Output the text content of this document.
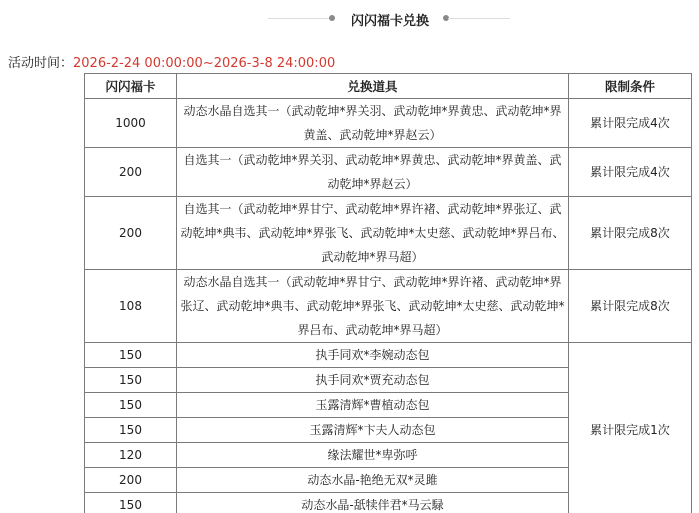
闪闪福卡兑换
活动时间：2026-2-24 00:00:00~2026-3-8 24:00:00
闪闪福卡	兑换道具	限制条件
1000	动态水晶自选其一（武动乾坤*界关羽、武动乾坤*界黄忠、武动乾坤*界黄盖、武动乾坤*界赵云）	累计限完成4次
200	自选其一（武动乾坤*界关羽、武动乾坤*界黄忠、武动乾坤*界黄盖、武动乾坤*界赵云）	累计限完成4次
200	自选其一（武动乾坤*界甘宁、武动乾坤*界许褚、武动乾坤*界张辽、武动乾坤*典韦、武动乾坤*界张飞、武动乾坤*太史慈、武动乾坤*界吕布、武动乾坤*界马超）	累计限完成8次
108	动态水晶自选其一（武动乾坤*界甘宁、武动乾坤*界许褚、武动乾坤*界张辽、武动乾坤*典韦、武动乾坤*界张飞、武动乾坤*太史慈、武动乾坤*界吕布、武动乾坤*界马超）	累计限完成8次
150	执手同欢*李婉动态包	累计限完成1次
150	执手同欢*贾充动态包	
150	玉露清辉*曹植动态包	
150	玉露清辉*卞夫人动态包	
120	缘法耀世*卑弥呼	
200	动态水晶-艳绝无双*灵雎	
150	动态水晶-舐犊伴君*马云騄	
